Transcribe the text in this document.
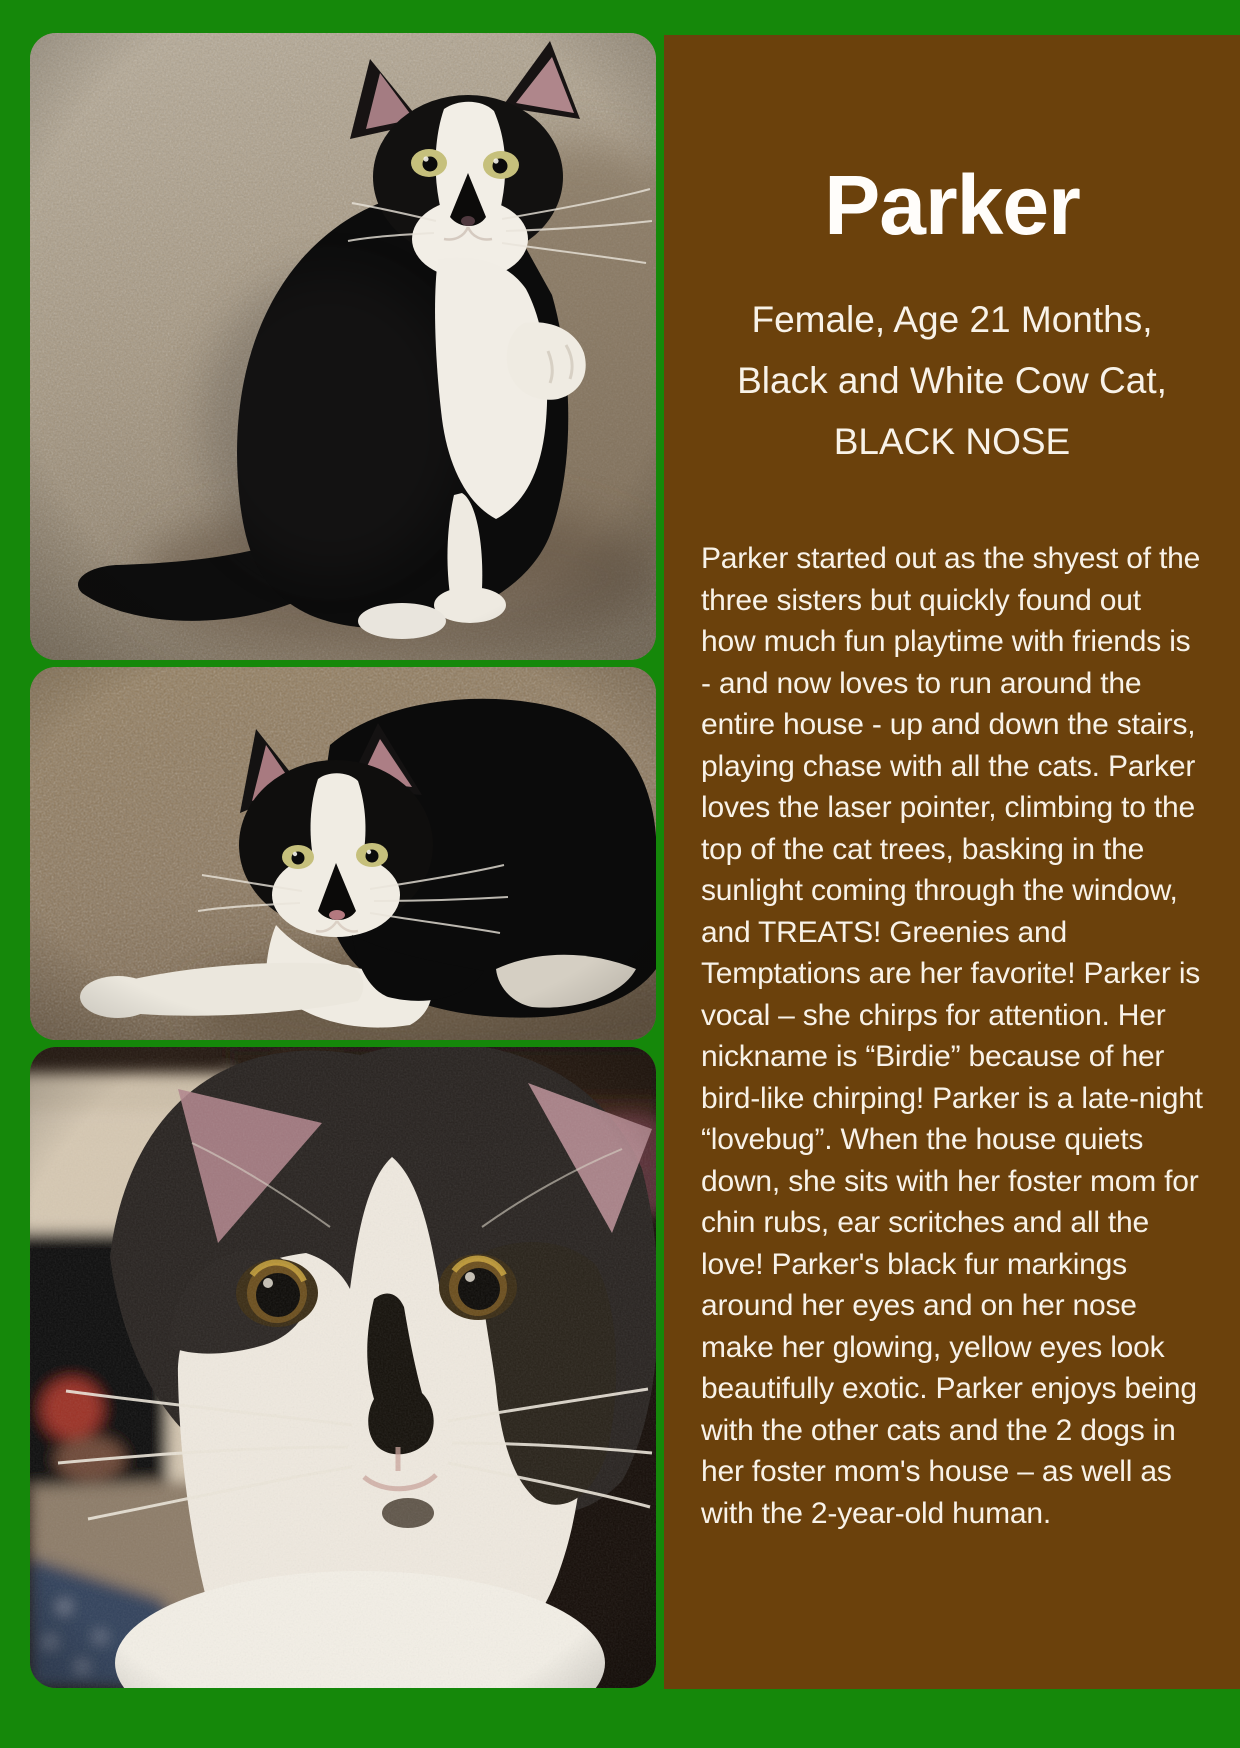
Parker
Female, Age 21 Months,
Black and White Cow Cat,
BLACK NOSE

Parker started out as the shyest of the three sisters but quickly found out how much fun playtime with friends is - and now loves to run around the entire house - up and down the stairs, playing chase with all the cats. Parker loves the laser pointer, climbing to the top of the cat trees, basking in the sunlight coming through the window, and TREATS! Greenies and Temptations are her favorite! Parker is vocal – she chirps for attention. Her nickname is “Birdie” because of her bird-like chirping! Parker is a late-night “lovebug”. When the house quiets down, she sits with her foster mom for chin rubs, ear scritches and all the love! Parker's black fur markings around her eyes and on her nose make her glowing, yellow eyes look beautifully exotic. Parker enjoys being with the other cats and the 2 dogs in her foster mom's house – as well as with the 2-year-old human.
